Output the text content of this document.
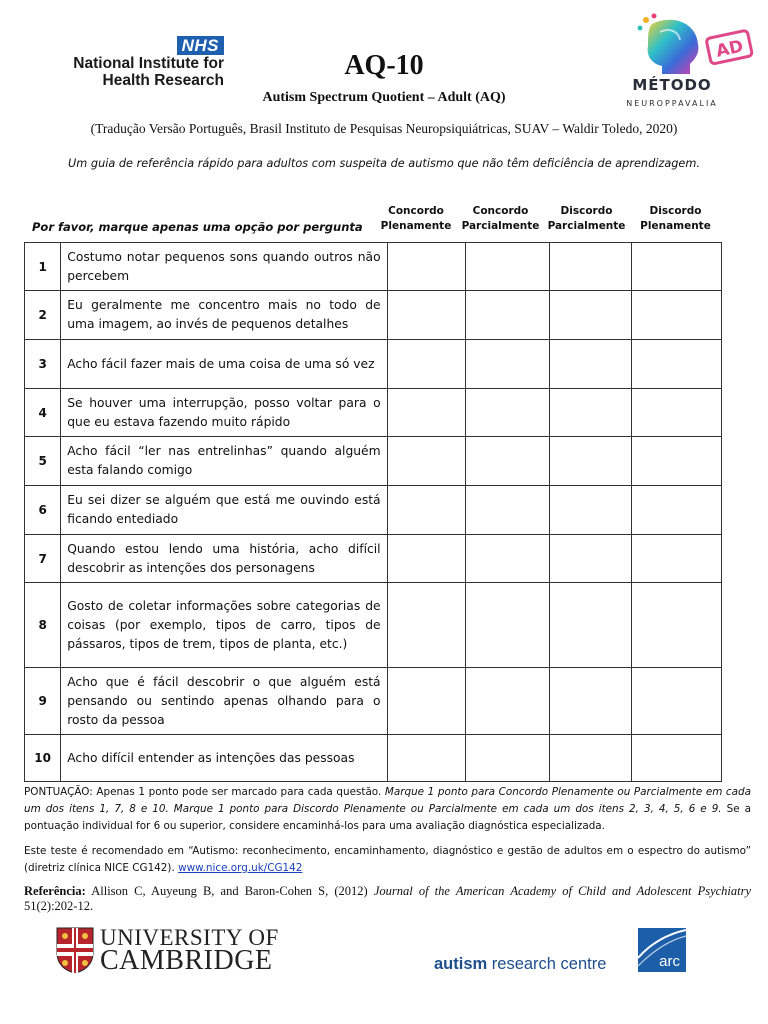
NHS
National Institute for Health Research	AQ-10
Autism Spectrum Quotient – Adult (AQ)
(Tradução Versão Português, Brasil Instituto de Pesquisas Neuropsiquiátricas, SUAV – Waldir Toledo, 2020)
Um guia de referência rápido para adultos com suspeita de autismo que não têm deficiência de aprendizagem.
AD
MÉTODO
NEUROPPAVALIA
Por favor, marque apenas uma opção por pergunta
Concordo Plenamente
Concordo Parcialmente
Discordo Parcialmente
Discordo Plenamente
1	Costumo notar pequenos sons quando outros não percebem				
2	Eu geralmente me concentro mais no todo de uma imagem, ao invés de pequenos detalhes				
3	Acho fácil fazer mais de uma coisa de uma só vez				
4	Se houver uma interrupção, posso voltar para o que eu estava fazendo muito rápido				
5	Acho fácil “ler nas entrelinhas” quando alguém esta falando comigo				
6	Eu sei dizer se alguém que está me ouvindo está ficando entediado				
7	Quando estou lendo uma história, acho difícil descobrir as intenções dos personagens				
8	Gosto de coletar informações sobre categorias de coisas (por exemplo, tipos de carro, tipos de pássaros, tipos de trem, tipos de planta, etc.)				
9	Acho que é fácil descobrir o que alguém está pensando ou sentindo apenas olhando para o rosto da pessoa				
10	Acho difícil entender as intenções das pessoas				
PONTUAÇÃO: Apenas 1 ponto pode ser marcado para cada questão. Marque 1 ponto para Concordo Plenamente ou Parcialmente em cada um dos itens 1, 7, 8 e 10. Marque 1 ponto para Discordo Plenamente ou Parcialmente em cada um dos itens 2, 3, 4, 5, 6 e 9. Se a pontuação individual for 6 ou superior, considere encaminhá-los para uma avaliação diagnóstica especializada.
Este teste é recomendado em “Autismo: reconhecimento, encaminhamento, diagnóstico e gestão de adultos em o espectro do autismo” (diretriz clínica NICE CG142). www.nice.org.uk/CG142
Referência: Allison C, Auyeung B, and Baron-Cohen S, (2012) Journal of the American Academy of Child and Adolescent Psychiatry 51(2):202-12.
UNIVERSITY OF
CAMBRIDGE	autism research centre	arc
